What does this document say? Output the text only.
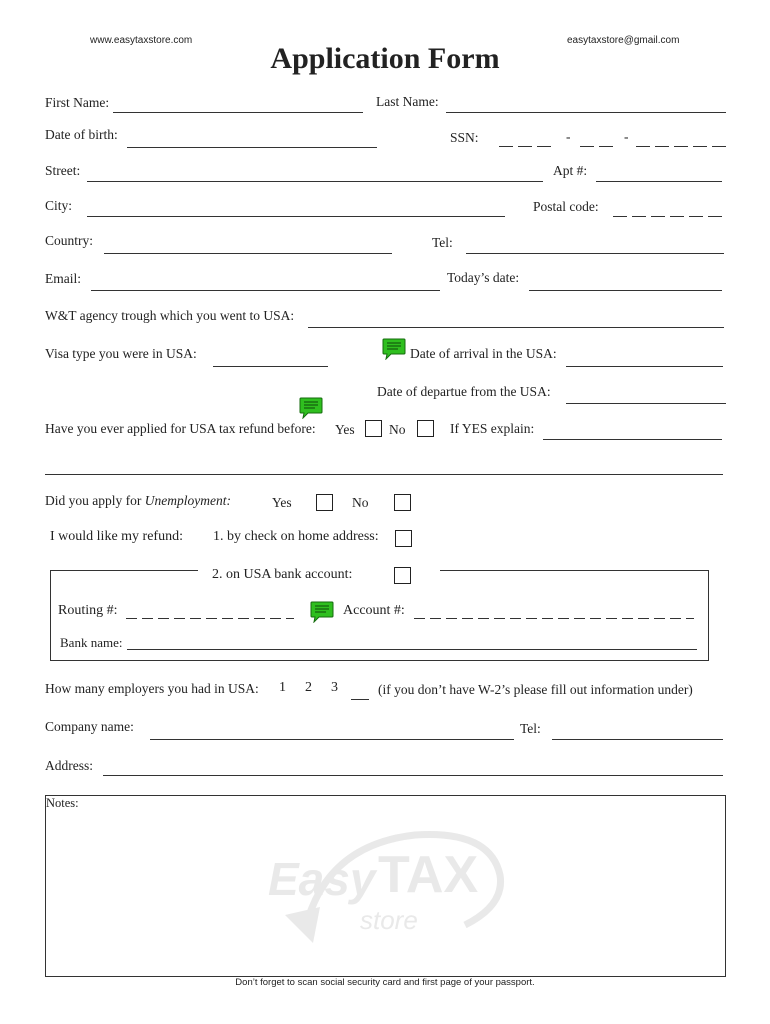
www.easytaxstore.com	easytaxstore@gmail.com
Application Form
First Name:	Last Name:
Date of birth:	SSN:	-	-
Street:	Apt #:
City:	Postal code:
Country:	Tel:
Email:	Today’s date:
W&T agency trough which you went to USA:
Visa type you were in USA:	Date of arrival in the USA:
Date of departue from the USA:
Have you ever applied for USA tax refund before: Yes	No	If YES explain:
Did you apply for Unemployment:	Yes	No
I would like my refund: 1. by check on home address:
2. on USA bank account:
Routing #:	Account #:
Bank name:
How many employers you had in USA: 1 2 3	(if you don’t have W-2’s please fill out information under)
Company name:	Tel:
Address:
Notes:
Easy TAX
store
Don’t forget to scan social security card and first page of your passport.
